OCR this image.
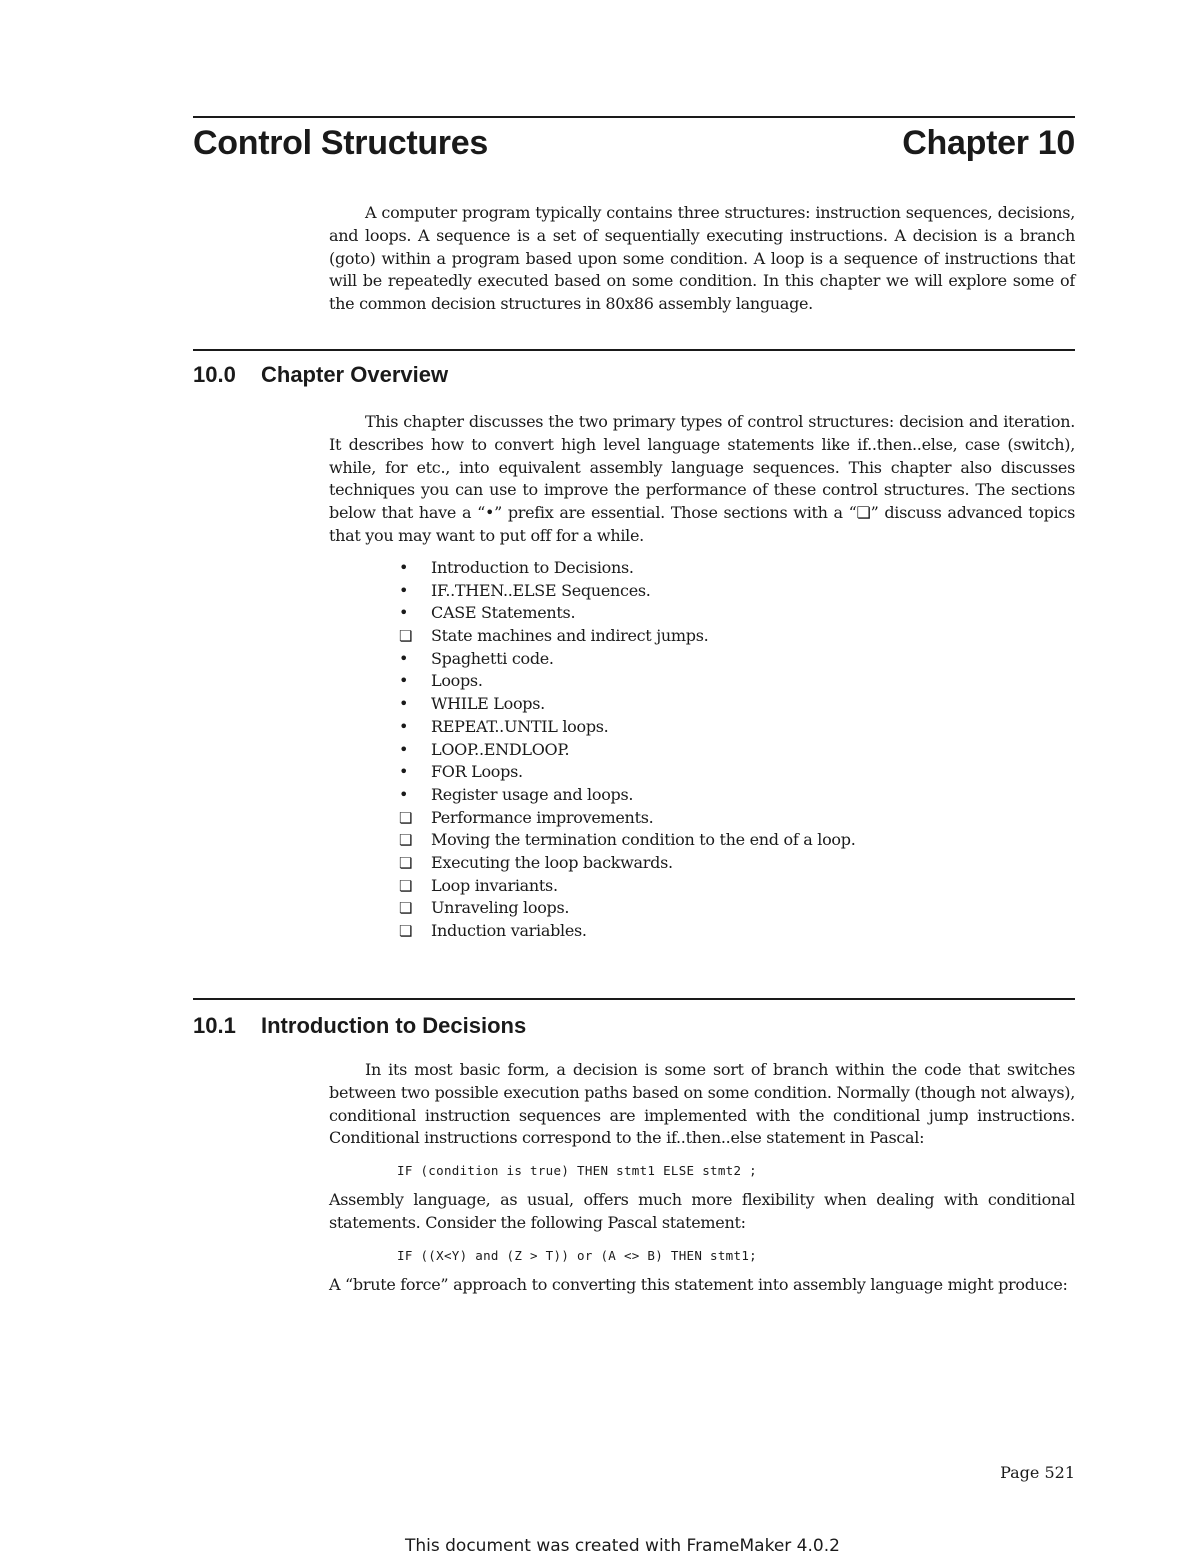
Control Structures	Chapter 10

A computer program typically contains three structures: instruction sequences, decisions, and loops. A sequence is a set of sequentially executing instructions. A decision is a branch (goto) within a program based upon some condition. A loop is a sequence of instructions that will be repeatedly executed based on some condition. In this chapter we will explore some of the common decision structures in 80x86 assembly language.

10.0 Chapter Overview

This chapter discusses the two primary types of control structures: decision and iteration. It describes how to convert high level language statements like if..then..else, case (switch), while, for etc., into equivalent assembly language sequences. This chapter also discusses techniques you can use to improve the performance of these control structures. The sections below that have a “•” prefix are essential. Those sections with a “❏” discuss advanced topics that you may want to put off for a while.

• Introduction to Decisions.
• IF..THEN..ELSE Sequences.
• CASE Statements.
❏ State machines and indirect jumps.
• Spaghetti code.
• Loops.
• WHILE Loops.
• REPEAT..UNTIL loops.
• LOOP..ENDLOOP.
• FOR Loops.
• Register usage and loops.
❏ Performance improvements.
❏ Moving the termination condition to the end of a loop.
❏ Executing the loop backwards.
❏ Loop invariants.
❏ Unraveling loops.
❏ Induction variables.
10.1 Introduction to Decisions

In its most basic form, a decision is some sort of branch within the code that switches between two possible execution paths based on some condition. Normally (though not always), conditional instruction sequences are implemented with the conditional jump instructions. Conditional instructions correspond to the if..then..else statement in Pascal:

IF (condition is true) THEN stmt1 ELSE stmt2 ;

Assembly language, as usual, offers much more flexibility when dealing with conditional statements. Consider the following Pascal statement:

IF ((X<Y) and (Z > T)) or (A <> B) THEN stmt1;

A “brute force” approach to converting this statement into assembly language might produce:

Page 521
This document was created with FrameMaker 4.0.2
